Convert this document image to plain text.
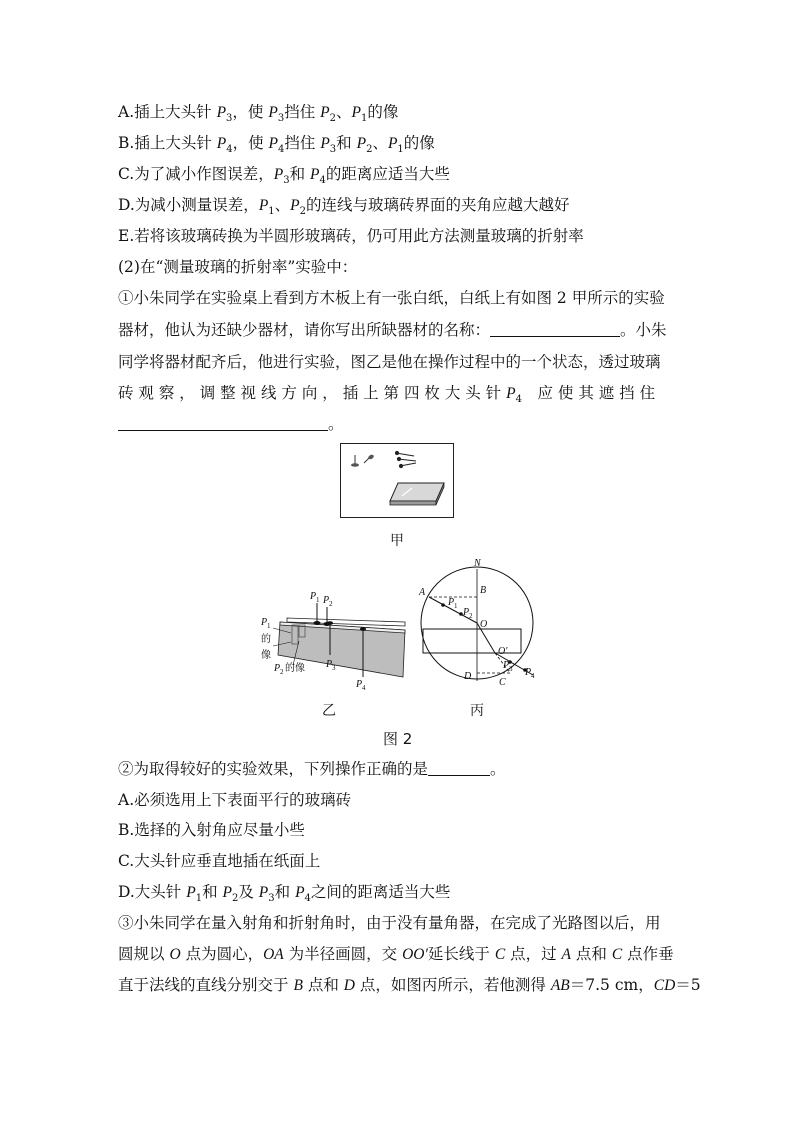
A.插上大头针 $P_3$，使 $P_3$挡住 $P_2$、$P_1$的像
B.插上大头针 $P_4$，使 $P_4$挡住 $P_3$和 $P_2$、$P_1$的像
C.为了减小作图误差，$P_3$和 $P_4$的距离应适当大些
D.为减小测量误差，$P_1$、$P_2$的连线与玻璃砖界面的夹角应越大越好
E.若将该玻璃砖换为半圆形玻璃砖，仍可用此方法测量玻璃的折射率
(2)在“测量玻璃的折射率”实验中：
①小朱同学在实验桌上看到方木板上有一张白纸，白纸上有如图 2 甲所示的实验
器材，他认为还缺少器材，请你写出所缺器材的名称：	。小朱
同学将器材配齐后，他进行实验，图乙是他在操作过程中的一个状态，透过玻璃
砖 观 察 ， 调 整 视 线 方 向 ， 插 上 第 四 枚 大 头 针 $P_4$　应 使 其 遮 挡 住
。
甲
P 1 P 2
P 3
P 4
P 1
的
像
P 2 的像
乙
N
A	B
P 1
P 2
O
O′
D
C
P 3 P 4
丙
图 2
②为取得较好的实验效果，下列操作正确的是	。
A.必须选用上下表面平行的玻璃砖
B.选择的入射角应尽量小些
C.大头针应垂直地插在纸面上
D.大头针 $P_1$和 $P_2$及 $P_3$和 $P_4$之间的距离适当大些
③小朱同学在量入射角和折射角时，由于没有量角器，在完成了光路图以后，用
圆规以 O 点为圆心，OA 为半径画圆，交 OO′延长线于 C 点，过 A 点和 C 点作垂
直于法线的直线分别交于 B 点和 D 点，如图丙所示，若他测得 AB＝7.5 cm，CD＝5
